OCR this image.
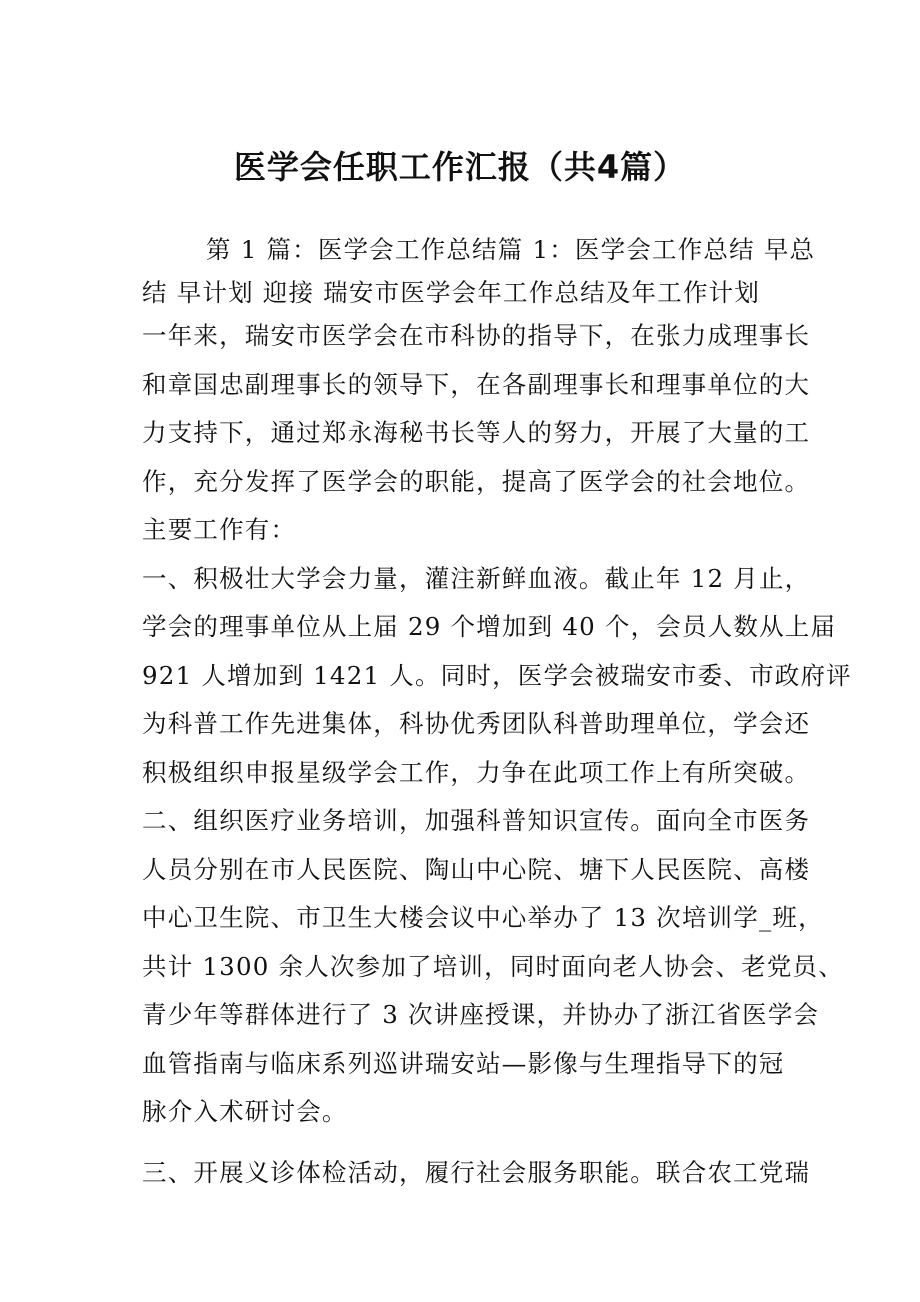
医学会任职工作汇报（共4篇）
第 1 篇：医学会工作总结篇 1：医学会工作总结 早总
结 早计划 迎接 瑞安市医学会年工作总结及年工作计划
一年来，瑞安市医学会在市科协的指导下，在张力成理事长
和章国忠副理事长的领导下，在各副理事长和理事单位的大
力支持下，通过郑永海秘书长等人的努力，开展了大量的工
作，充分发挥了医学会的职能，提高了医学会的社会地位。
主要工作有：
一、积极壮大学会力量，灌注新鲜血液。截止年 12 月止，
学会的理事单位从上届 29 个增加到 40 个，会员人数从上届
921 人增加到 1421 人。同时，医学会被瑞安市委、市政府评
为科普工作先进集体，科协优秀团队科普助理单位，学会还
积极组织申报星级学会工作，力争在此项工作上有所突破。
二、组织医疗业务培训，加强科普知识宣传。面向全市医务
人员分别在市人民医院、陶山中心院、塘下人民医院、高楼
中心卫生院、市卫生大楼会议中心举办了 13 次培训学_班，
共计 1300 余人次参加了培训，同时面向老人协会、老党员、
青少年等群体进行了 3 次讲座授课，并协办了浙江省医学会
血管指南与临床系列巡讲瑞安站—影像与生理指导下的冠
脉介入术研讨会。
三、开展义诊体检活动，履行社会服务职能。联合农工党瑞
